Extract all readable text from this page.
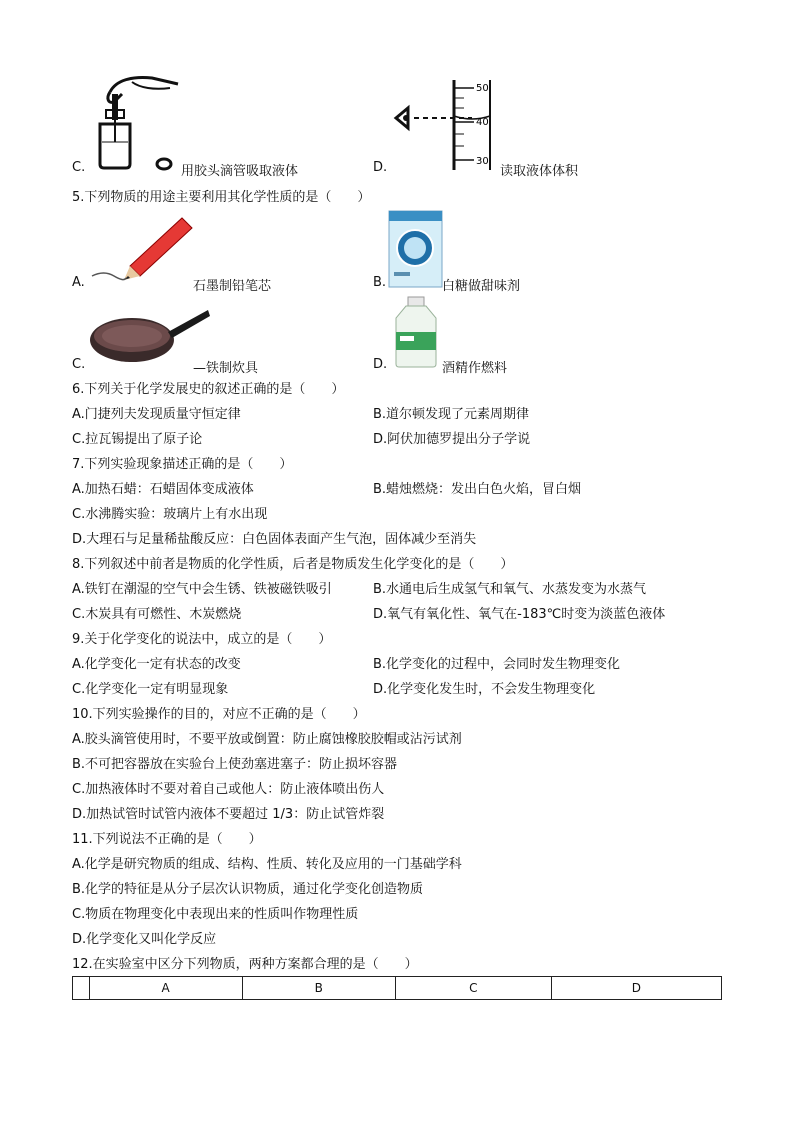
C.	用胶头滴管吸取液体
50
40
30
D.	读取液体体积
5.下列物质的用途主要利用其化学性质的是（　　）
A.	石墨制铅笔芯	B.	白糖做甜味剂
C.	—铁制炊具	D.	酒精作燃料
6.下列关于化学发展史的叙述正确的是（　　）
A.门捷列夫发现质量守恒定律	B.道尔顿发现了元素周期律
C.拉瓦锡提出了原子论	D.阿伏加德罗提出分子学说
7.下列实验现象描述正确的是（　　）
A.加热石蜡：石蜡固体变成液体	B.蜡烛燃烧：发出白色火焰，冒白烟
C.水沸腾实验：玻璃片上有水出现
D.大理石与足量稀盐酸反应：白色固体表面产生气泡，固体减少至消失
8.下列叙述中前者是物质的化学性质，后者是物质发生化学变化的是（　　）
A.铁钉在潮湿的空气中会生锈、铁被磁铁吸引	B.水通电后生成氢气和氧气、水蒸发变为水蒸气
C.木炭具有可燃性、木炭燃烧	D.氧气有氧化性、氧气在-183℃时变为淡蓝色液体
9.关于化学变化的说法中，成立的是（　　）
A.化学变化一定有状态的改变	B.化学变化的过程中，会同时发生物理变化
C.化学变化一定有明显现象	D.化学变化发生时，不会发生物理变化
10.下列实验操作的目的，对应不正确的是（　　）
A.胶头滴管使用时，不要平放或倒置：防止腐蚀橡胶胶帽或沾污试剂
B.不可把容器放在实验台上使劲塞进塞子：防止损坏容器
C.加热液体时不要对着自己或他人：防止液体喷出伤人
D.加热试管时试管内液体不要超过 1/3：防止试管炸裂
11.下列说法不正确的是（　　）
A.化学是研究物质的组成、结构、性质、转化及应用的一门基础学科
B.化学的特征是从分子层次认识物质，通过化学变化创造物质
C.物质在物理变化中表现出来的性质叫作物理性质
D.化学变化又叫化学反应
12.在实验室中区分下列物质，两种方案都合理的是（　　）
	A	B	C	D
